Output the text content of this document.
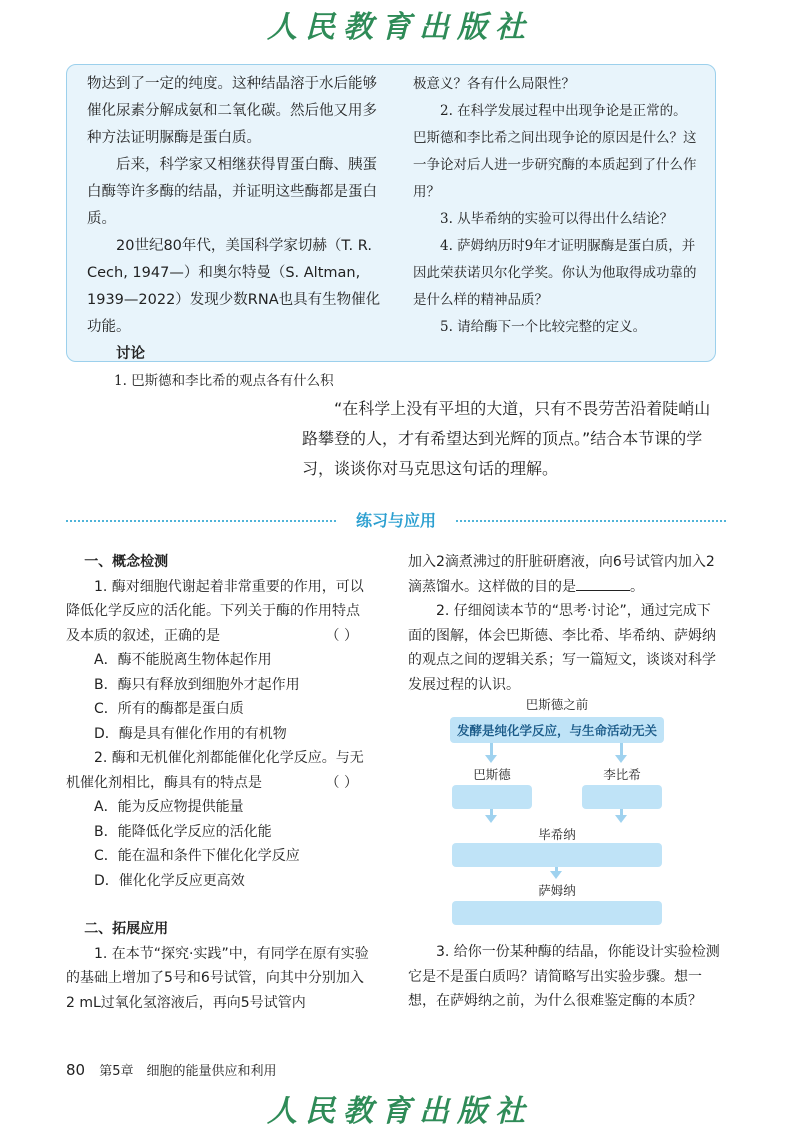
人民教育出版社

物达到了一定的纯度。这种结晶溶于水后能够催化尿素分解成氨和二氧化碳。然后他又用多种方法证明脲酶是蛋白质。

后来，科学家又相继获得胃蛋白酶、胰蛋白酶等许多酶的结晶，并证明这些酶都是蛋白质。

20世纪80年代，美国科学家切赫（T. R. Cech, 1947—）和奥尔特曼（S. Altman, 1939—2022）发现少数RNA也具有生物催化功能。

讨论

1. 巴斯德和李比希的观点各有什么积

极意义？各有什么局限性？

2. 在科学发展过程中出现争论是正常的。巴斯德和李比希之间出现争论的原因是什么？这一争论对后人进一步研究酶的本质起到了什么作用？

3. 从毕希纳的实验可以得出什么结论？

4. 萨姆纳历时9年才证明脲酶是蛋白质，并因此荣获诺贝尔化学奖。你认为他取得成功靠的是什么样的精神品质？

5. 请给酶下一个比较完整的定义。

“在科学上没有平坦的大道，只有不畏劳苦沿着陡峭山路攀登的人，才有希望达到光辉的顶点。”结合本节课的学习，谈谈你对马克思这句话的理解。

练习与应用
一、概念检测
1. 酶对细胞代谢起着非常重要的作用，可以降低化学反应的活化能。下列关于酶的作用特点及本质的叙述，正确的是	（ ）
A．酶不能脱离生物体起作用
B．酶只有释放到细胞外才起作用
C．所有的酶都是蛋白质
D．酶是具有催化作用的有机物
2. 酶和无机催化剂都能催化化学反应。与无机催化剂相比，酶具有的特点是	（ ）
A．能为反应物提供能量
B．能降低化学反应的活化能
C．能在温和条件下催化化学反应
D．催化化学反应更高效
二、拓展应用
1. 在本节“探究·实践”中，有同学在原有实验的基础上增加了5号和6号试管，向其中分别加入2 mL过氧化氢溶液后，再向5号试管内
加入2滴煮沸过的肝脏研磨液，向6号试管内加入2滴蒸馏水。这样做的目的是	。
2. 仔细阅读本节的“思考·讨论”，通过完成下面的图解，体会巴斯德、李比希、毕希纳、萨姆纳的观点之间的逻辑关系；写一篇短文，谈谈对科学发展过程的认识。
巴斯德之前
发酵是纯化学反应，与生命活动无关
巴斯德	李比希
毕希纳
萨姆纳
3. 给你一份某种酶的结晶，你能设计实验检测它是不是蛋白质吗？请简略写出实验步骤。想一想，在萨姆纳之前，为什么很难鉴定酶的本质？
80 第5章　细胞的能量供应和利用
人民教育出版社
